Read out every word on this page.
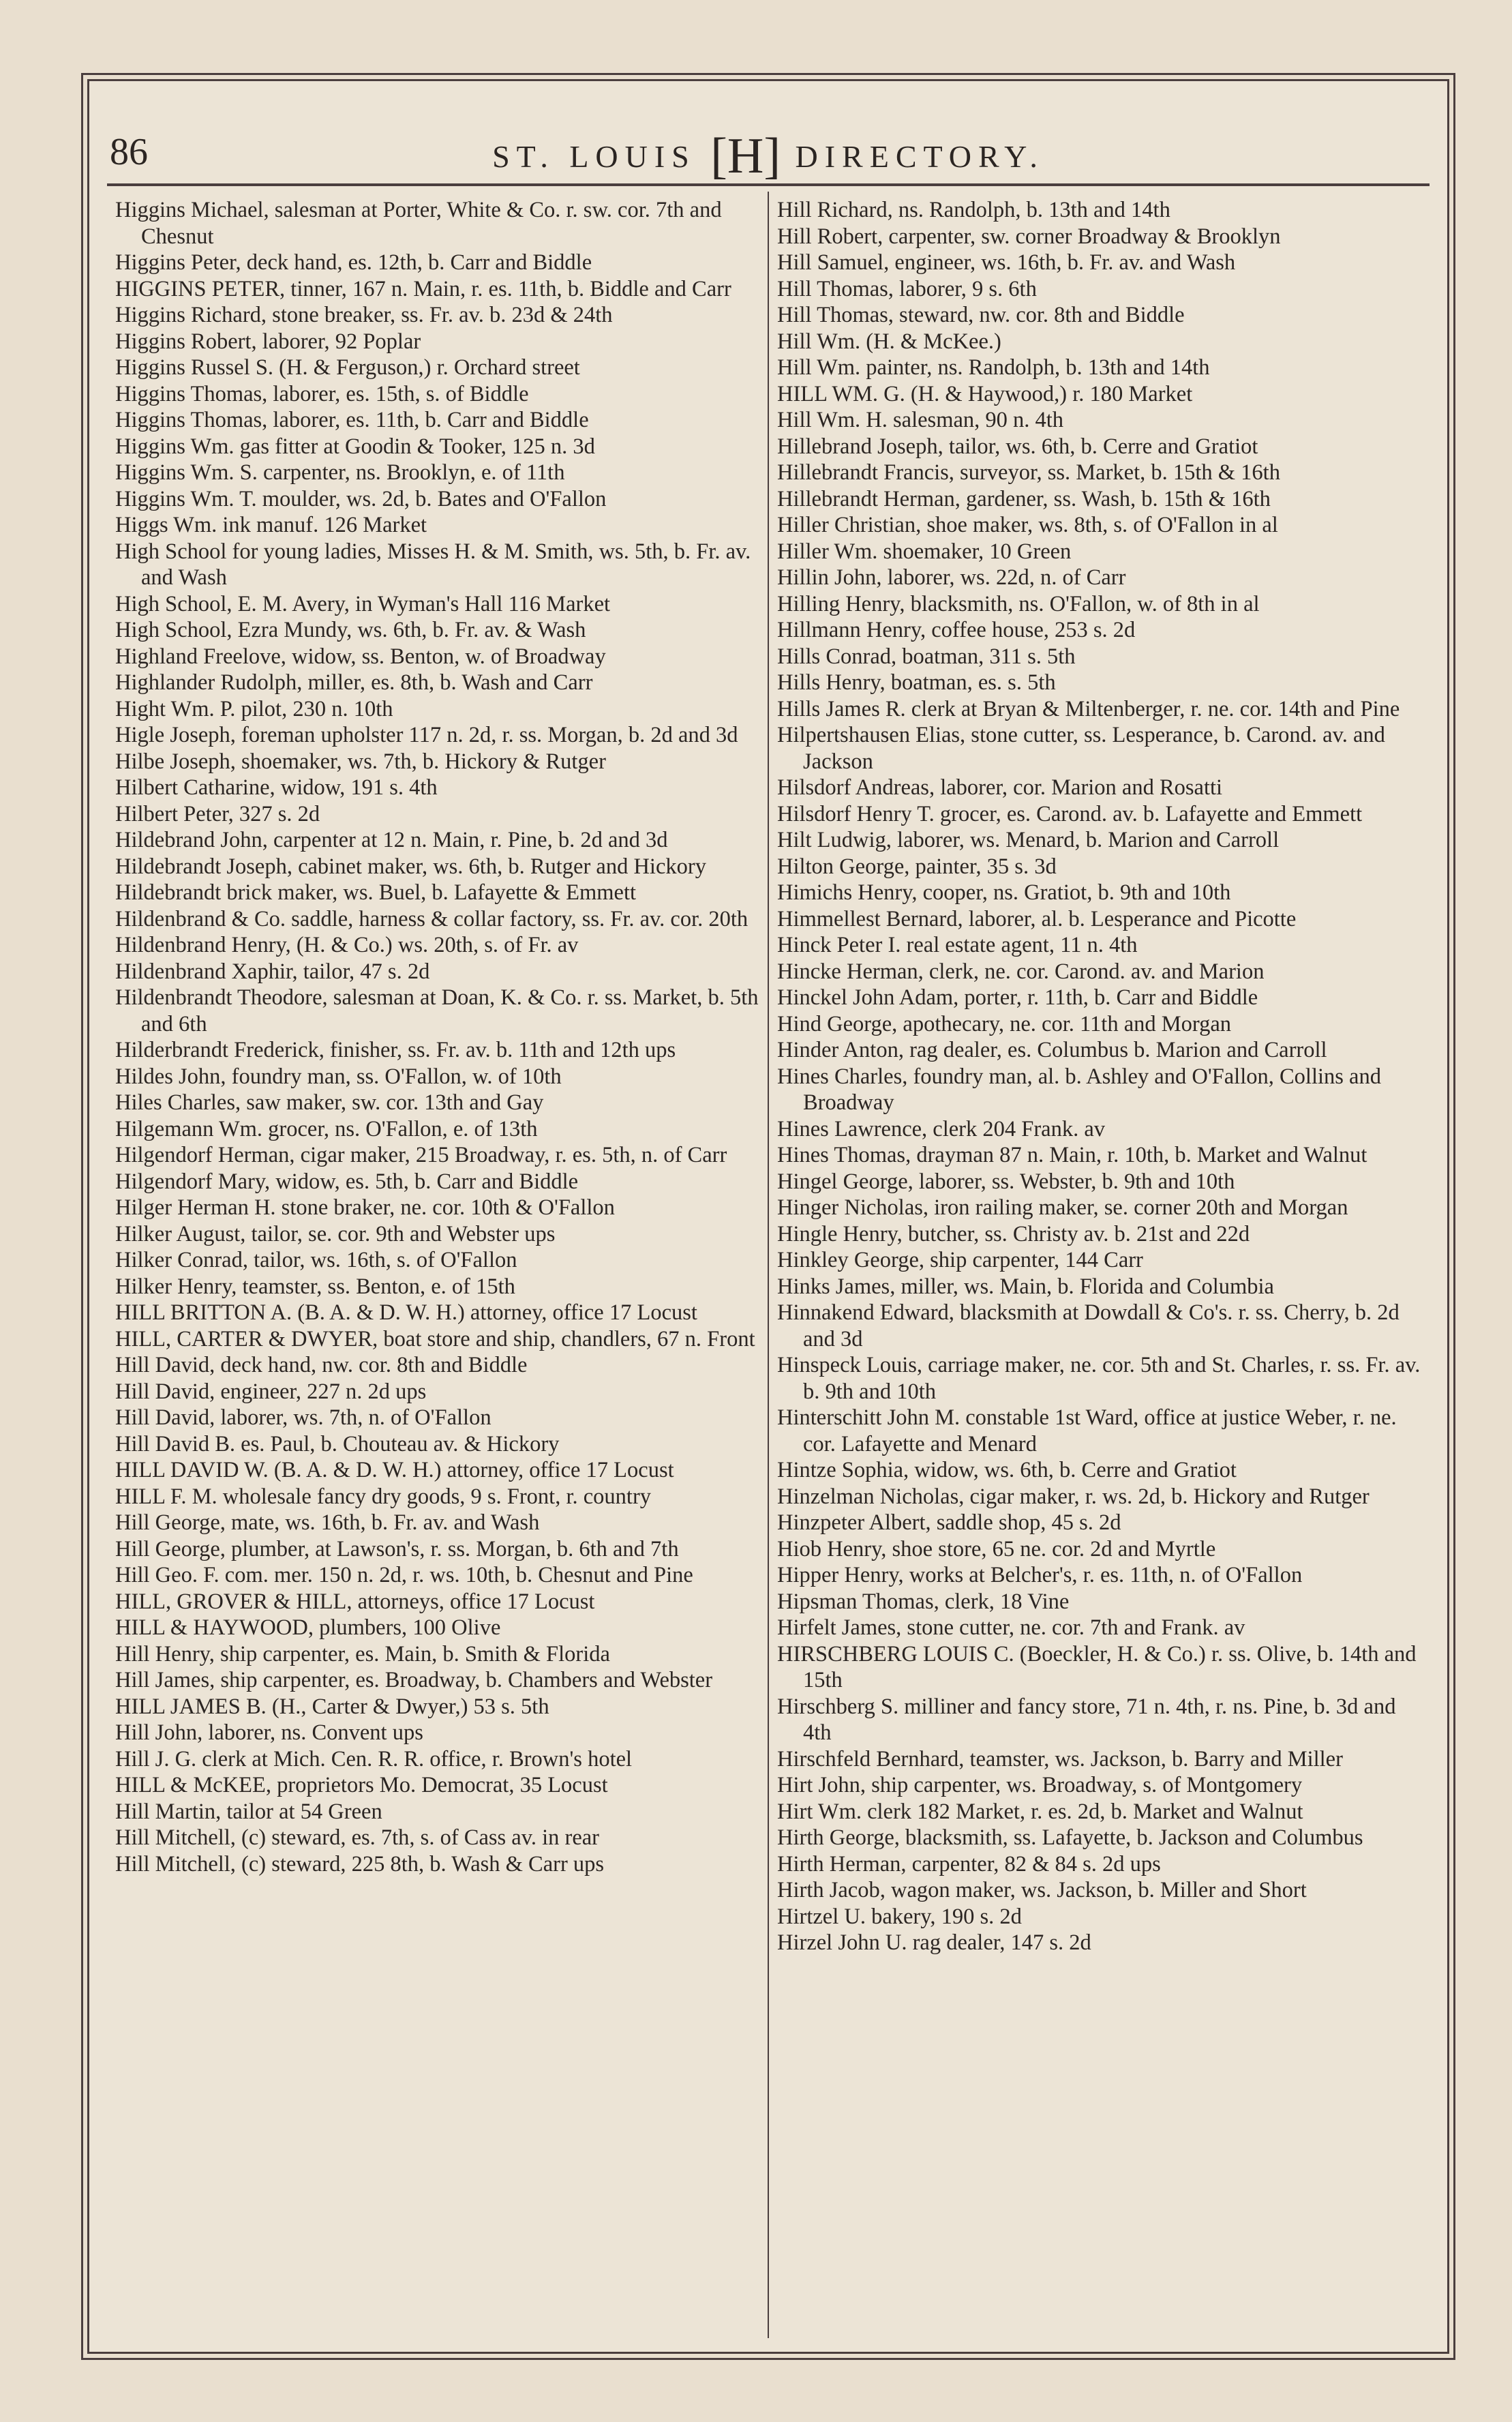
86	ST. LOUIS [H] DIRECTORY.

Higgins Michael, salesman at Porter, White & Co. r. sw. cor. 7th and Chesnut

Higgins Peter, deck hand, es. 12th, b. Carr and Biddle

HIGGINS PETER, tinner, 167 n. Main, r. es. 11th, b. Biddle and Carr

Higgins Richard, stone breaker, ss. Fr. av. b. 23d & 24th

Higgins Robert, laborer, 92 Poplar

Higgins Russel S. (H. & Ferguson,) r. Orchard street

Higgins Thomas, laborer, es. 15th, s. of Biddle

Higgins Thomas, laborer, es. 11th, b. Carr and Biddle

Higgins Wm. gas fitter at Goodin & Tooker, 125 n. 3d

Higgins Wm. S. carpenter, ns. Brooklyn, e. of 11th

Higgins Wm. T. moulder, ws. 2d, b. Bates and O'Fallon

Higgs Wm. ink manuf. 126 Market

High School for young ladies, Misses H. & M. Smith, ws. 5th, b. Fr. av. and Wash

High School, E. M. Avery, in Wyman's Hall 116 Market

High School, Ezra Mundy, ws. 6th, b. Fr. av. & Wash

Highland Freelove, widow, ss. Benton, w. of Broadway

Highlander Rudolph, miller, es. 8th, b. Wash and Carr

Hight Wm. P. pilot, 230 n. 10th

Higle Joseph, foreman upholster 117 n. 2d, r. ss. Morgan, b. 2d and 3d

Hilbe Joseph, shoemaker, ws. 7th, b. Hickory & Rutger

Hilbert Catharine, widow, 191 s. 4th

Hilbert Peter, 327 s. 2d

Hildebrand John, carpenter at 12 n. Main, r. Pine, b. 2d and 3d

Hildebrandt Joseph, cabinet maker, ws. 6th, b. Rutger and Hickory

Hildebrandt brick maker, ws. Buel, b. Lafayette & Emmett

Hildenbrand & Co. saddle, harness & collar factory, ss. Fr. av. cor. 20th

Hildenbrand Henry, (H. & Co.) ws. 20th, s. of Fr. av

Hildenbrand Xaphir, tailor, 47 s. 2d

Hildenbrandt Theodore, salesman at Doan, K. & Co. r. ss. Market, b. 5th and 6th

Hilderbrandt Frederick, finisher, ss. Fr. av. b. 11th and 12th ups

Hildes John, foundry man, ss. O'Fallon, w. of 10th

Hiles Charles, saw maker, sw. cor. 13th and Gay

Hilgemann Wm. grocer, ns. O'Fallon, e. of 13th

Hilgendorf Herman, cigar maker, 215 Broadway, r. es. 5th, n. of Carr

Hilgendorf Mary, widow, es. 5th, b. Carr and Biddle

Hilger Herman H. stone braker, ne. cor. 10th & O'Fallon

Hilker August, tailor, se. cor. 9th and Webster ups

Hilker Conrad, tailor, ws. 16th, s. of O'Fallon

Hilker Henry, teamster, ss. Benton, e. of 15th

HILL BRITTON A. (B. A. & D. W. H.) attorney, office 17 Locust

HILL, CARTER & DWYER, boat store and ship, chandlers, 67 n. Front

Hill David, deck hand, nw. cor. 8th and Biddle

Hill David, engineer, 227 n. 2d ups

Hill David, laborer, ws. 7th, n. of O'Fallon

Hill David B. es. Paul, b. Chouteau av. & Hickory

HILL DAVID W. (B. A. & D. W. H.) attorney, office 17 Locust

HILL F. M. wholesale fancy dry goods, 9 s. Front, r. country

Hill George, mate, ws. 16th, b. Fr. av. and Wash

Hill George, plumber, at Lawson's, r. ss. Morgan, b. 6th and 7th

Hill Geo. F. com. mer. 150 n. 2d, r. ws. 10th, b. Chesnut and Pine

HILL, GROVER & HILL, attorneys, office 17 Locust

HILL & HAYWOOD, plumbers, 100 Olive

Hill Henry, ship carpenter, es. Main, b. Smith & Florida

Hill James, ship carpenter, es. Broadway, b. Chambers and Webster

HILL JAMES B. (H., Carter & Dwyer,) 53 s. 5th

Hill John, laborer, ns. Convent ups

Hill J. G. clerk at Mich. Cen. R. R. office, r. Brown's hotel

HILL & McKEE, proprietors Mo. Democrat, 35 Locust

Hill Martin, tailor at 54 Green

Hill Mitchell, (c) steward, es. 7th, s. of Cass av. in rear

Hill Mitchell, (c) steward, 225 8th, b. Wash & Carr ups

Hill Richard, ns. Randolph, b. 13th and 14th

Hill Robert, carpenter, sw. corner Broadway & Brooklyn

Hill Samuel, engineer, ws. 16th, b. Fr. av. and Wash

Hill Thomas, laborer, 9 s. 6th

Hill Thomas, steward, nw. cor. 8th and Biddle

Hill Wm. (H. & McKee.)

Hill Wm. painter, ns. Randolph, b. 13th and 14th

HILL WM. G. (H. & Haywood,) r. 180 Market

Hill Wm. H. salesman, 90 n. 4th

Hillebrand Joseph, tailor, ws. 6th, b. Cerre and Gratiot

Hillebrandt Francis, surveyor, ss. Market, b. 15th & 16th

Hillebrandt Herman, gardener, ss. Wash, b. 15th & 16th

Hiller Christian, shoe maker, ws. 8th, s. of O'Fallon in al

Hiller Wm. shoemaker, 10 Green

Hillin John, laborer, ws. 22d, n. of Carr

Hilling Henry, blacksmith, ns. O'Fallon, w. of 8th in al

Hillmann Henry, coffee house, 253 s. 2d

Hills Conrad, boatman, 311 s. 5th

Hills Henry, boatman, es. s. 5th

Hills James R. clerk at Bryan & Miltenberger, r. ne. cor. 14th and Pine

Hilpertshausen Elias, stone cutter, ss. Lesperance, b. Carond. av. and Jackson

Hilsdorf Andreas, laborer, cor. Marion and Rosatti

Hilsdorf Henry T. grocer, es. Carond. av. b. Lafayette and Emmett

Hilt Ludwig, laborer, ws. Menard, b. Marion and Carroll

Hilton George, painter, 35 s. 3d

Himichs Henry, cooper, ns. Gratiot, b. 9th and 10th

Himmellest Bernard, laborer, al. b. Lesperance and Picotte

Hinck Peter I. real estate agent, 11 n. 4th

Hincke Herman, clerk, ne. cor. Carond. av. and Marion

Hinckel John Adam, porter, r. 11th, b. Carr and Biddle

Hind George, apothecary, ne. cor. 11th and Morgan

Hinder Anton, rag dealer, es. Columbus b. Marion and Carroll

Hines Charles, foundry man, al. b. Ashley and O'Fallon, Collins and Broadway

Hines Lawrence, clerk 204 Frank. av

Hines Thomas, drayman 87 n. Main, r. 10th, b. Market and Walnut

Hingel George, laborer, ss. Webster, b. 9th and 10th

Hinger Nicholas, iron railing maker, se. corner 20th and Morgan

Hingle Henry, butcher, ss. Christy av. b. 21st and 22d

Hinkley George, ship carpenter, 144 Carr

Hinks James, miller, ws. Main, b. Florida and Columbia

Hinnakend Edward, blacksmith at Dowdall & Co's. r. ss. Cherry, b. 2d and 3d

Hinspeck Louis, carriage maker, ne. cor. 5th and St. Charles, r. ss. Fr. av. b. 9th and 10th

Hinterschitt John M. constable 1st Ward, office at justice Weber, r. ne. cor. Lafayette and Menard

Hintze Sophia, widow, ws. 6th, b. Cerre and Gratiot

Hinzelman Nicholas, cigar maker, r. ws. 2d, b. Hickory and Rutger

Hinzpeter Albert, saddle shop, 45 s. 2d

Hiob Henry, shoe store, 65 ne. cor. 2d and Myrtle

Hipper Henry, works at Belcher's, r. es. 11th, n. of O'Fallon

Hipsman Thomas, clerk, 18 Vine

Hirfelt James, stone cutter, ne. cor. 7th and Frank. av

HIRSCHBERG LOUIS C. (Boeckler, H. & Co.) r. ss. Olive, b. 14th and 15th

Hirschberg S. milliner and fancy store, 71 n. 4th, r. ns. Pine, b. 3d and 4th

Hirschfeld Bernhard, teamster, ws. Jackson, b. Barry and Miller

Hirt John, ship carpenter, ws. Broadway, s. of Montgomery

Hirt Wm. clerk 182 Market, r. es. 2d, b. Market and Walnut

Hirth George, blacksmith, ss. Lafayette, b. Jackson and Columbus

Hirth Herman, carpenter, 82 & 84 s. 2d ups

Hirth Jacob, wagon maker, ws. Jackson, b. Miller and Short

Hirtzel U. bakery, 190 s. 2d

Hirzel John U. rag dealer, 147 s. 2d
